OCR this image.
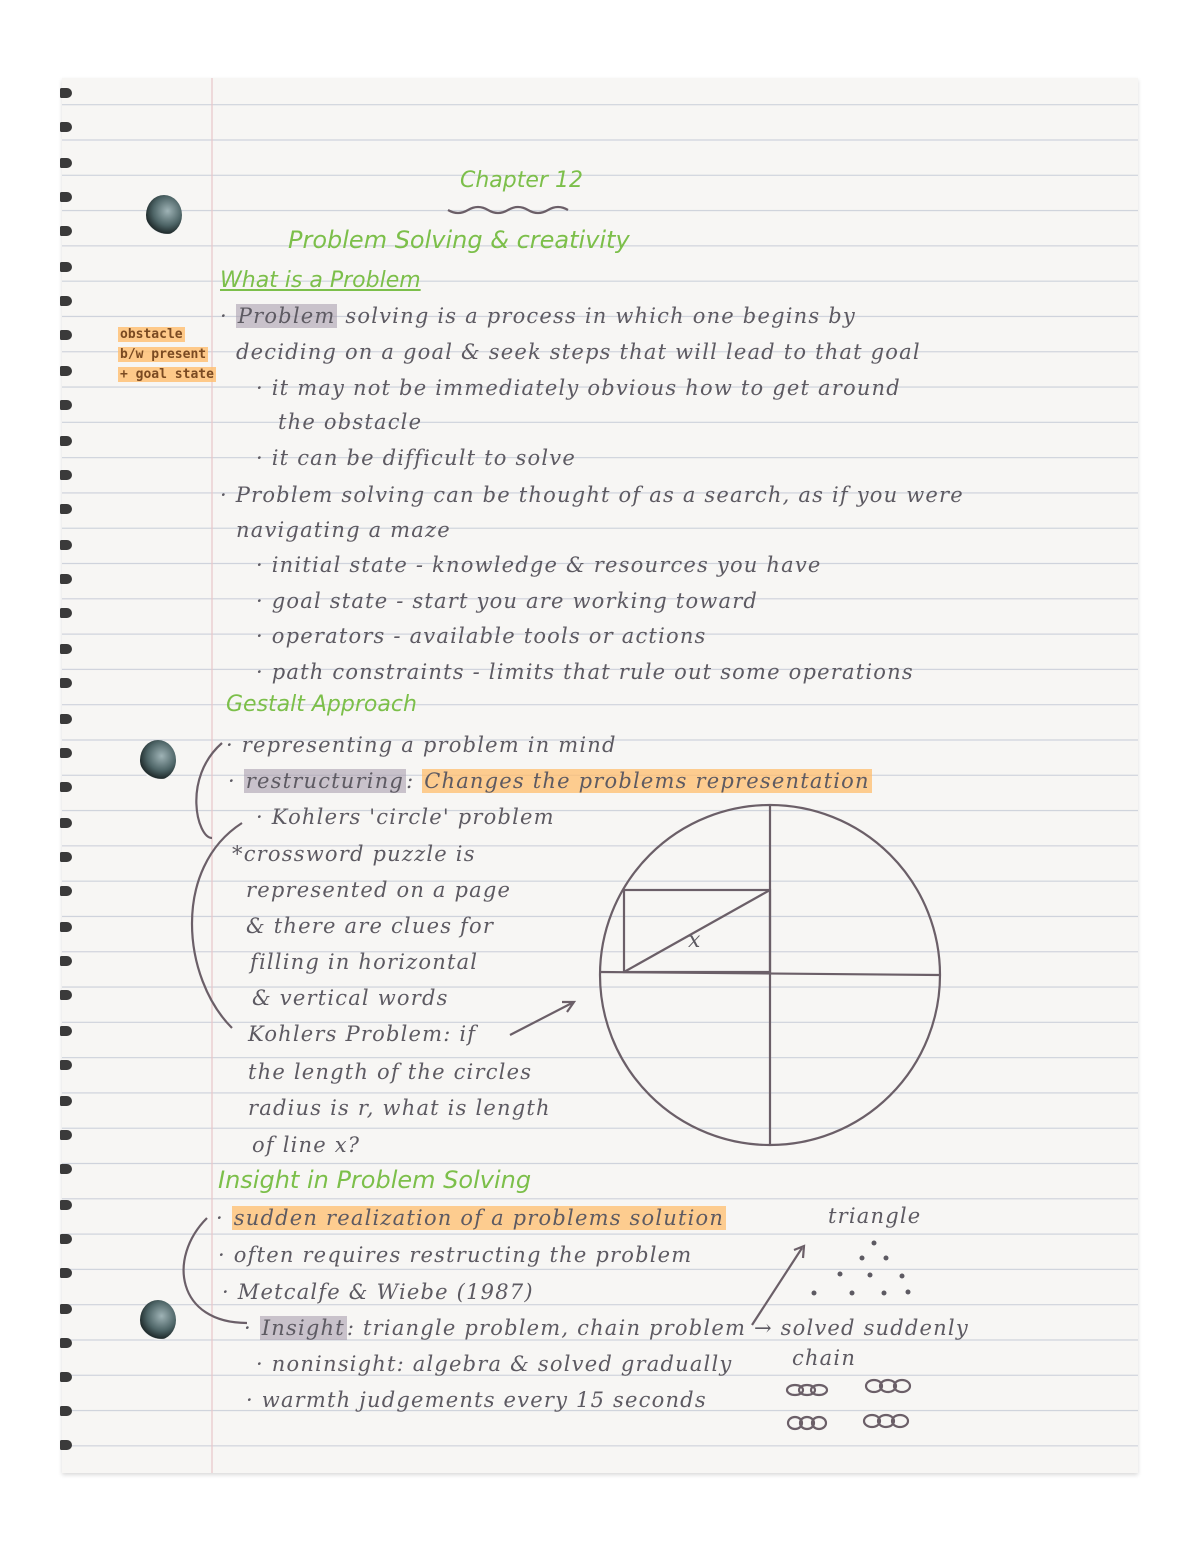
Chapter 12
Problem Solving & creativity
What is a Problem
obstacle
b/w present
+ goal state
· Problem solving is a process in which one begins by
deciding on a goal & seek steps that will lead to that goal
· it may not be immediately obvious how to get around
the obstacle
· it can be difficult to solve
· Problem solving can be thought of as a search, as if you were
navigating a maze
· initial state - knowledge & resources you have
· goal state - start you are working toward
· operators - available tools or actions
· path constraints - limits that rule out some operations
Gestalt Approach
· representing a problem in mind
· restructuring: Changes the problems representation
· Kohlers 'circle' problem
*crossword puzzle is
represented on a page
& there are clues for
filling in horizontal
& vertical words
Kohlers Problem: if
the length of the circles
radius is r, what is length
of line x?
x
Insight in Problem Solving
· sudden realization of a problems solution
· often requires restructing the problem
· Metcalfe & Wiebe (1987)
· Insight: triangle problem, chain problem → solved suddenly
· noninsight: algebra & solved gradually
· warmth judgements every 15 seconds
triangle
chain
